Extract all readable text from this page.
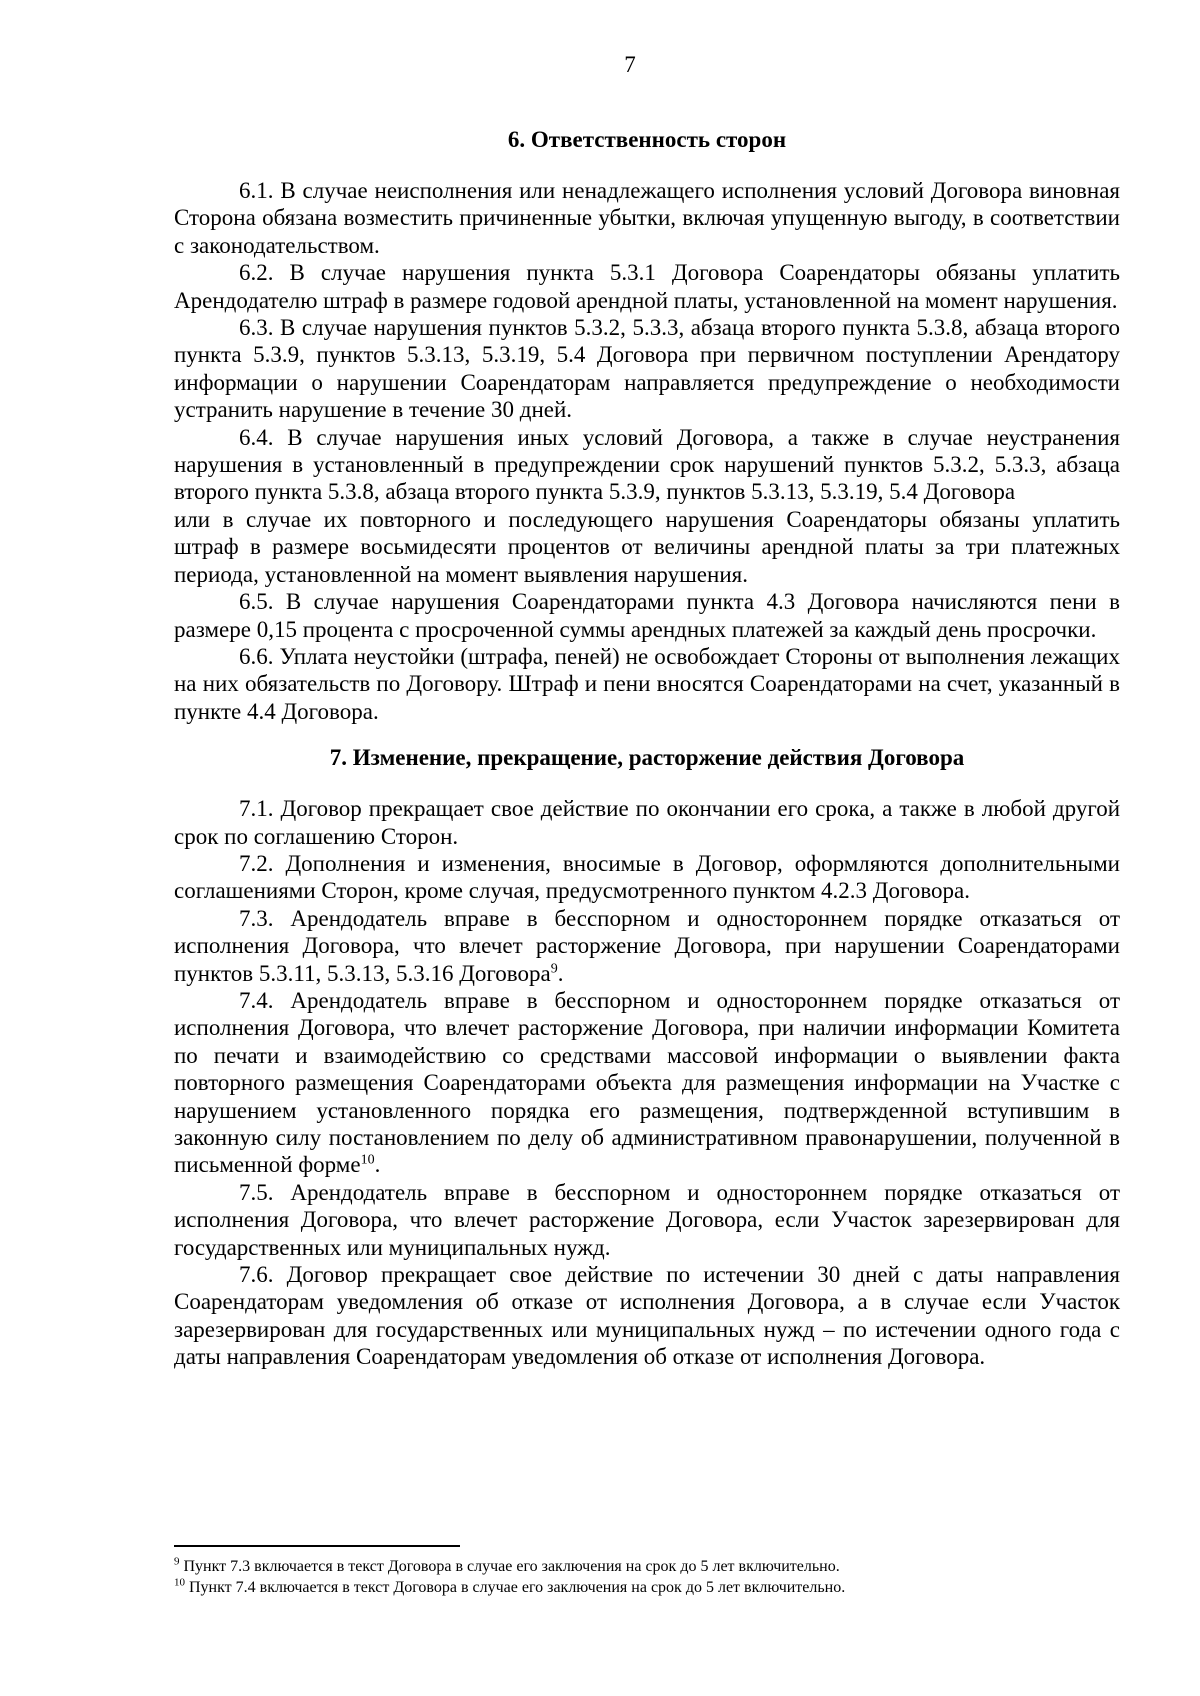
7
6. Ответственность сторон

6.1. В случае неисполнения или ненадлежащего исполнения условий Договора виновная Сторона обязана возместить причиненные убытки, включая упущенную выгоду, в соответствии с законодательством.

6.2. В случае нарушения пункта 5.3.1 Договора Соарендаторы обязаны уплатить Арендодателю штраф в размере годовой арендной платы, установленной на момент нарушения.

6.3. В случае нарушения пунктов 5.3.2, 5.3.3, абзаца второго пункта 5.3.8, абзаца второго пункта 5.3.9, пунктов 5.3.13, 5.3.19, 5.4 Договора при первичном поступлении Арендатору информации о нарушении Соарендаторам направляется предупреждение о необходимости устранить нарушение в течение 30 дней.

6.4. В случае нарушения иных условий Договора, а также в случае неустранения нарушения в установленный в предупреждении срок нарушений пунктов 5.3.2, 5.3.3, абзаца второго пункта 5.3.8, абзаца второго пункта 5.3.9, пунктов 5.3.13, 5.3.19, 5.4 Договора

или в случае их повторного и последующего нарушения Соарендаторы обязаны уплатить штраф в размере восьмидесяти процентов от величины арендной платы за три платежных периода, установленной на момент выявления нарушения.

6.5. В случае нарушения Соарендаторами пункта 4.3 Договора начисляются пени в размере 0,15 процента с просроченной суммы арендных платежей за каждый день просрочки.

6.6. Уплата неустойки (штрафа, пеней) не освобождает Стороны от выполнения лежащих на них обязательств по Договору. Штраф и пени вносятся Соарендаторами на счет, указанный в пункте 4.4 Договора.

7. Изменение, прекращение, расторжение действия Договора

7.1. Договор прекращает свое действие по окончании его срока, а также в любой другой срок по соглашению Сторон.

7.2. Дополнения и изменения, вносимые в Договор, оформляются дополнительными соглашениями Сторон, кроме случая, предусмотренного пунктом 4.2.3 Договора.

7.3. Арендодатель вправе в бесспорном и одностороннем порядке отказаться от исполнения Договора, что влечет расторжение Договора, при нарушении Соарендаторами пунктов 5.3.11, 5.3.13, 5.3.16 Договора$^9$.

7.4. Арендодатель вправе в бесспорном и одностороннем порядке отказаться от исполнения Договора, что влечет расторжение Договора, при наличии информации Комитета по печати и взаимодействию со средствами массовой информации о выявлении факта повторного размещения Соарендаторами объекта для размещения информации на Участке с нарушением установленного порядка его размещения, подтвержденной вступившим в законную силу постановлением по делу об административном правонарушении, полученной в письменной форме$^{10}$.

7.5. Арендодатель вправе в бесспорном и одностороннем порядке отказаться от исполнения Договора, что влечет расторжение Договора, если Участок зарезервирован для государственных или муниципальных нужд.

7.6. Договор прекращает свое действие по истечении 30 дней с даты направления Соарендаторам уведомления об отказе от исполнения Договора, а в случае если Участок зарезервирован для государственных или муниципальных нужд – по истечении одного года с даты направления Соарендаторам уведомления об отказе от исполнения Договора.

$^9$ Пункт 7.3 включается в текст Договора в случае его заключения на срок до 5 лет включительно.

$^{10}$ Пункт 7.4 включается в текст Договора в случае его заключения на срок до 5 лет включительно.
